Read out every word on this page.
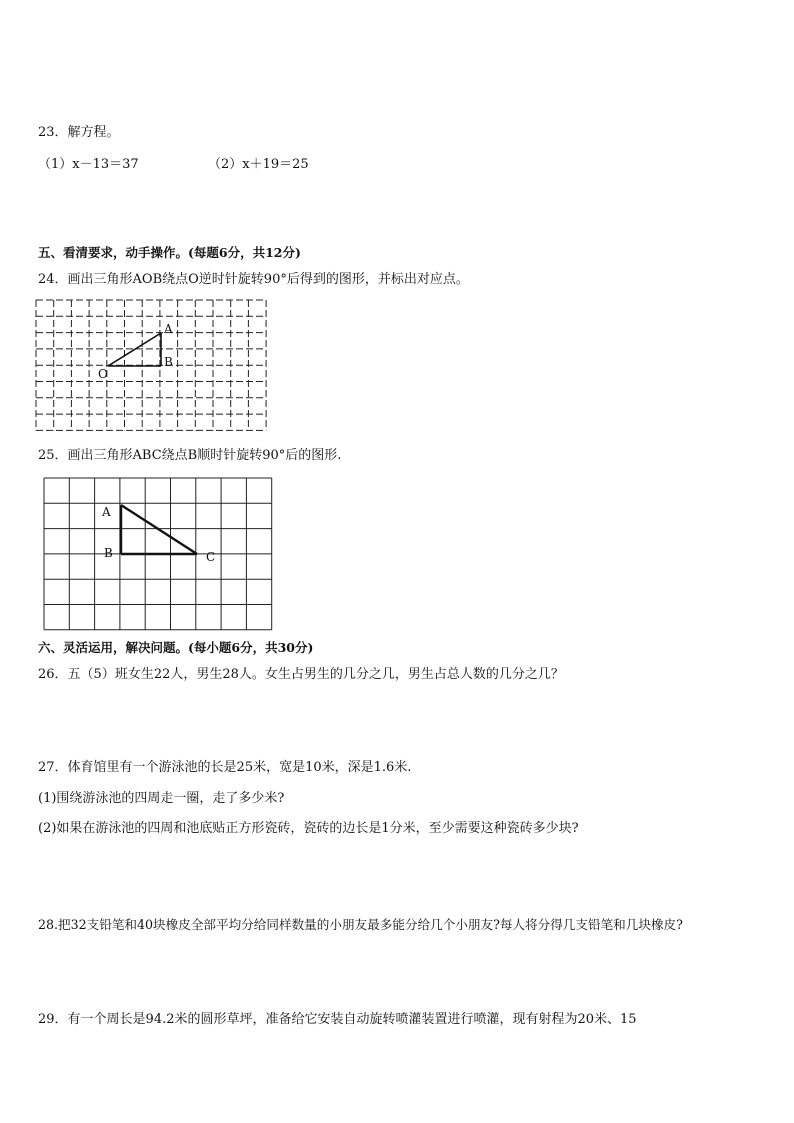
23．解方程。
（1）x－13＝37	（2）x＋19＝25
五、看清要求，动手操作。(每题6分，共12分)
24．画出三角形AOB绕点O逆时针旋转90°后得到的图形，并标出对应点。
A
B
O
25．画出三角形ABC绕点B顺时针旋转90°后的图形.
A
B	C
六、灵活运用，解决问题。(每小题6分，共30分)
26．五（5）班女生22人，男生28人。女生占男生的几分之几，男生占总人数的几分之几？
27．体育馆里有一个游泳池的长是25米，宽是10米，深是1.6米.
(1)围绕游泳池的四周走一圈，走了多少米?
(2)如果在游泳池的四周和池底贴正方形瓷砖，瓷砖的边长是1分米，至少需要这种瓷砖多少块?
28.把32支铅笔和40块橡皮全部平均分给同样数量的小朋友最多能分给几个小朋友?每人将分得几支铅笔和几块橡皮?
29．有一个周长是94.2米的圆形草坪，准备给它安装自动旋转喷灌装置进行喷灌，现有射程为20米、15
